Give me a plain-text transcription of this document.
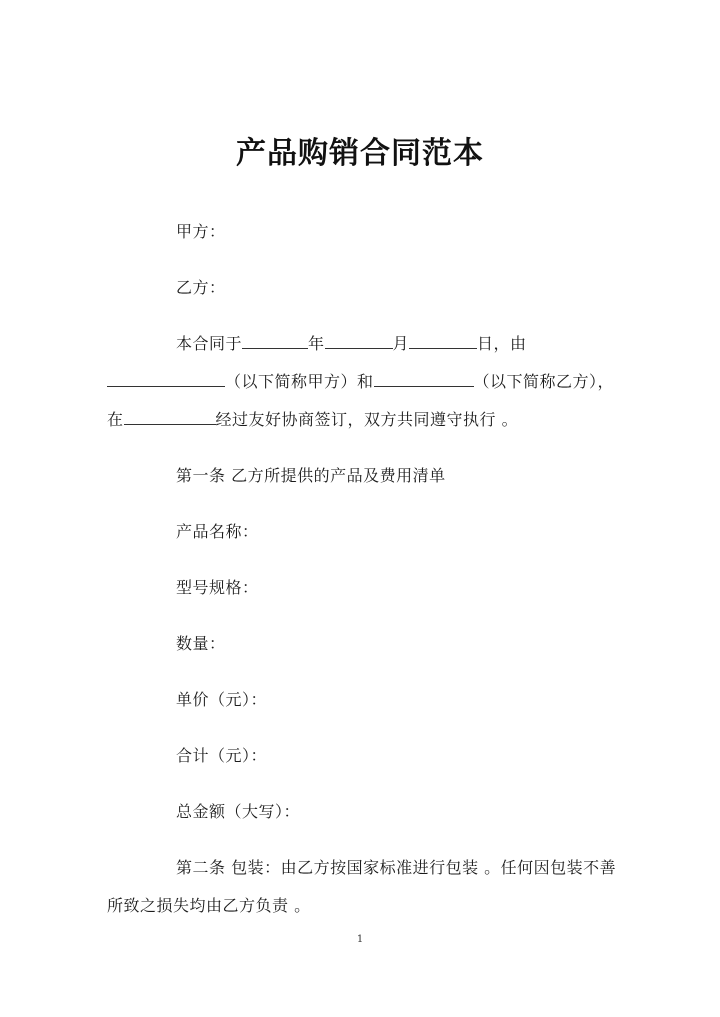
产品购销合同范本
甲方：
乙方：
本合同于	年	月	日，由
（以下简称甲方）和	（以下简称乙方），
在	经过友好协商签订，双方共同遵守执行 。
第一条 乙方所提供的产品及费用清单
产品名称：
型号规格：
数量：
单价（元）：
合计（元）：
总金额（大写）：
第二条 包装：由乙方按国家标准进行包装 。任何因包装不善
所致之损失均由乙方负责 。
1
